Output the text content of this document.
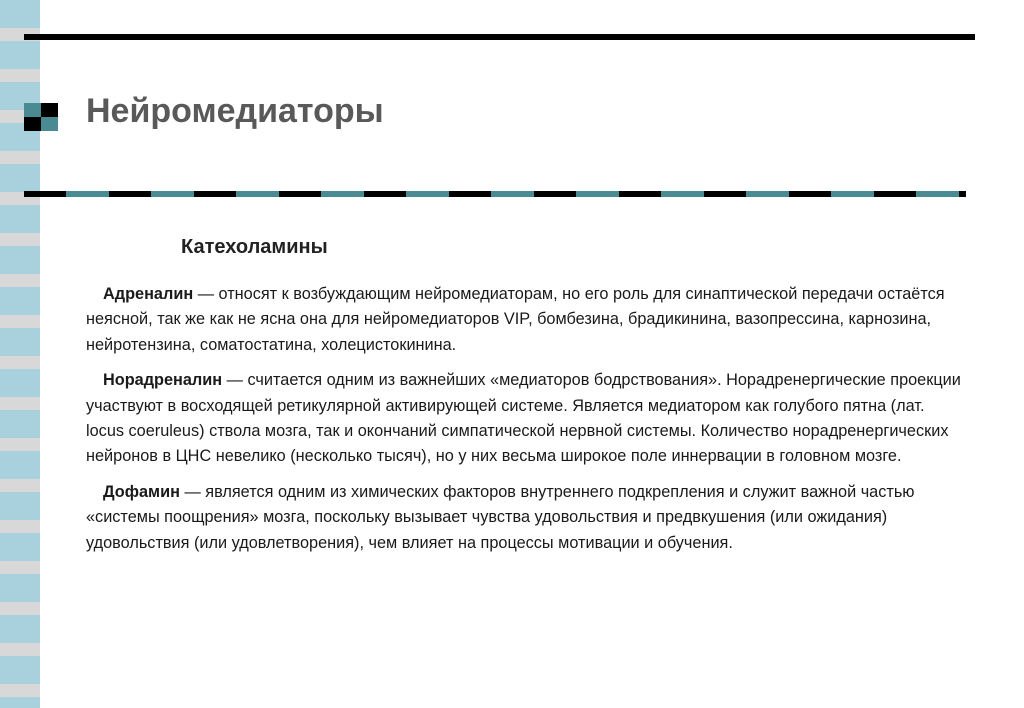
Нейромедиаторы
Катехоламины

Адреналин — относят к возбуждающим нейромедиаторам, но его роль для синаптической передачи остаётся неясной, так же как не ясна она для нейромедиаторов VIP, бомбезина, брадикинина, вазопрессина, карнозина, нейротензина, соматостатина, холецистокинина.

Норадреналин — считается одним из важнейших «медиаторов бодрствования». Норадренергические проекции участвуют в восходящей ретикулярной активирующей системе. Является медиатором как голубого пятна (лат. locus coeruleus) ствола мозга, так и окончаний симпатической нервной системы. Количество норадренергических нейронов в ЦНС невелико (несколько тысяч), но у них весьма широкое поле иннервации в головном мозге.

Дофамин — является одним из химических факторов внутреннего подкрепления и служит важной частью «системы поощрения» мозга, поскольку вызывает чувства удовольствия и предвкушения (или ожидания) удовольствия (или удовлетворения), чем влияет на процессы мотивации и обучения.
